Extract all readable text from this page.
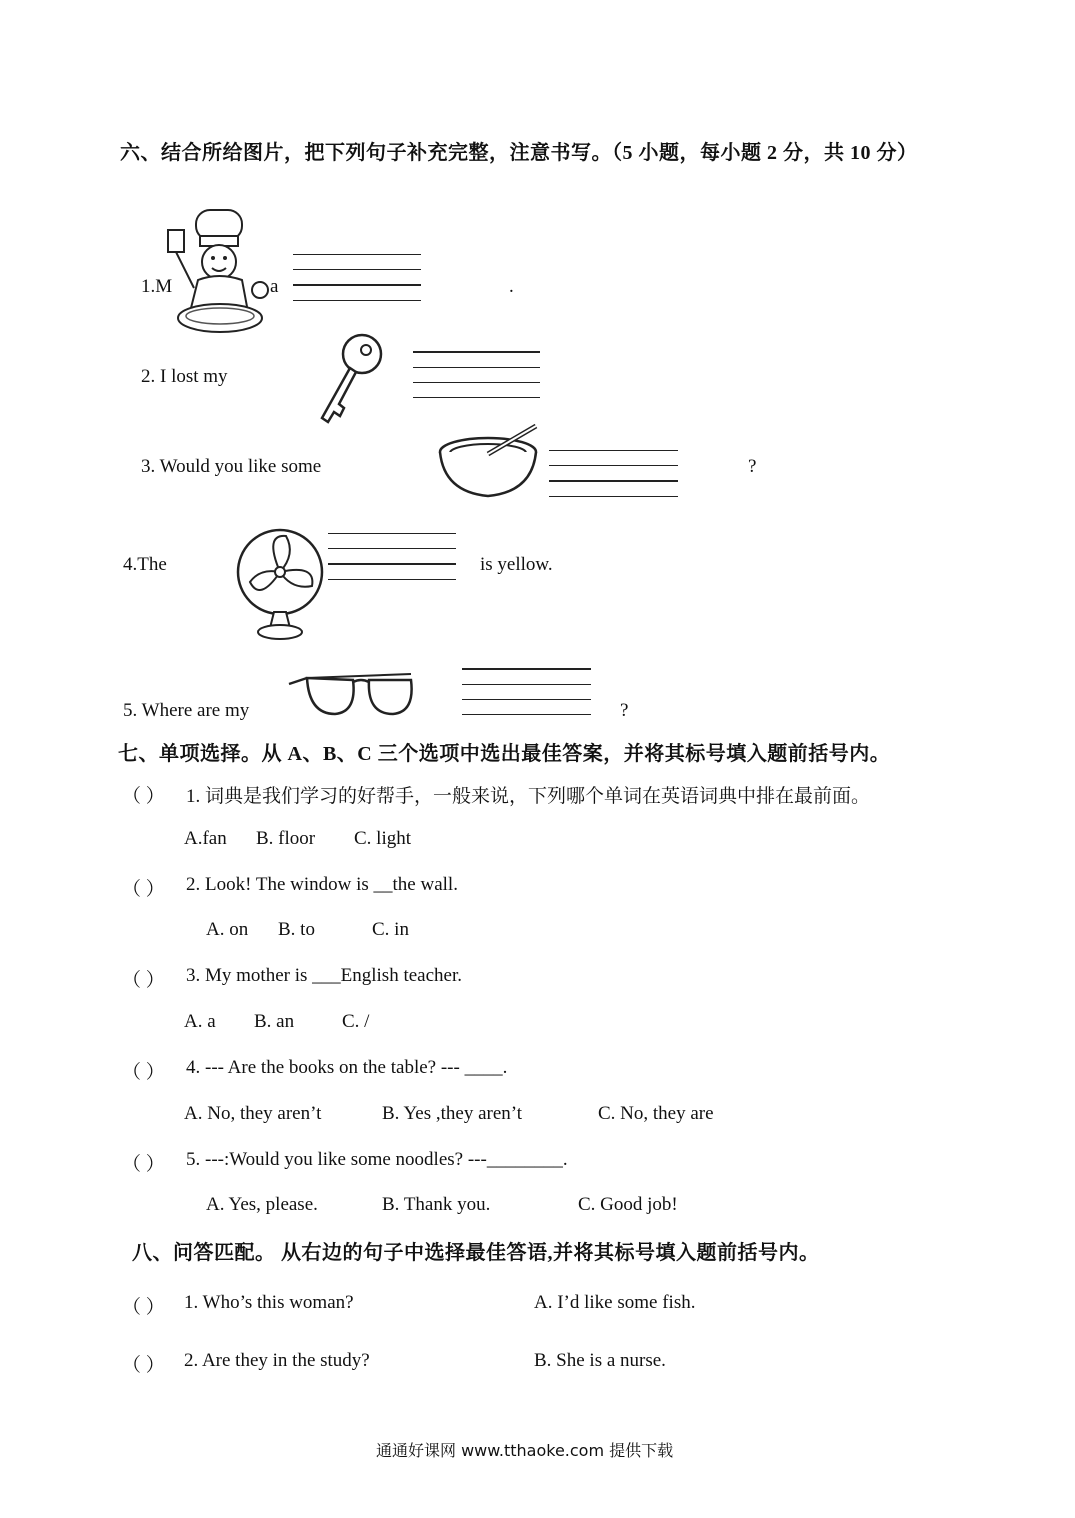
六、结合所给图片，把下列句子补充完整，注意书写。（5 小题，每小题 2 分，共 10 分）
1.M	a	.
2. I lost my
3. Would you like some	?
4.The	is yellow.
5. Where are my	?
七、单项选择。从 A、B、C 三个选项中选出最佳答案，并将其标号填入题前括号内。
（ ） 1. 词典是我们学习的好帮手，一般来说，下列哪个单词在英语词典中排在最前面。
A.fan B. floor C. light
（ ） 2. Look! The window is __the wall.
A. on B. to	C. in
（ ） 3. My mother is ___English teacher.
A. a B. an	C. /
（ ） 4. --- Are the books on the table? --- ____.
A. No, they aren’t	B. Yes ,they aren’t	C. No, they are
（ ） 5. ---:Would you like some noodles? ---________.
A. Yes, please.	B. Thank you.	C. Good job!
八、问答匹配。 从右边的句子中选择最佳答语,并将其标号填入题前括号内。
（ ） 1. Who’s this woman?	A. I’d like some fish.
（ ） 2. Are they in the study?	B. She is a nurse.
通通好课网 www.tthaoke.com 提供下载
